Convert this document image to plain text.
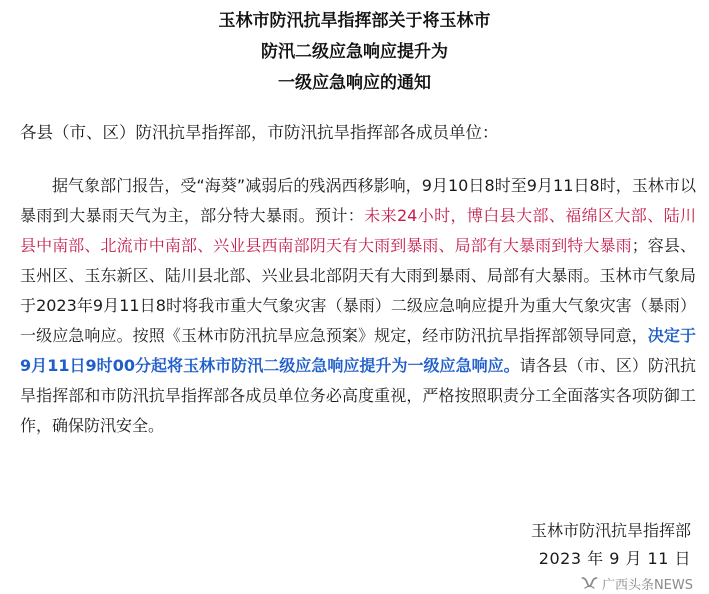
玉林市防汛抗旱指挥部关于将玉林市
防汛二级应急响应提升为
一级应急响应的通知
各县（市、区）防汛抗旱指挥部，市防汛抗旱指挥部各成员单位：

据气象部门报告，受“海葵”减弱后的残涡西移影响，9月10日8时至9月11日8时，玉林市以暴雨到大暴雨天气为主，部分特大暴雨。预计：未来24小时，博白县大部、福绵区大部、陆川县中南部、北流市中南部、兴业县西南部阴天有大雨到暴雨、局部有大暴雨到特大暴雨；容县、玉州区、玉东新区、陆川县北部、兴业县北部阴天有大雨到暴雨、局部有大暴雨。玉林市气象局于2023年9月11日8时将我市重大气象灾害（暴雨）二级应急响应提升为重大气象灾害（暴雨）一级应急响应。按照《玉林市防汛抗旱应急预案》规定，经市防汛抗旱指挥部领导同意，决定于9月11日9时00分起将玉林市防汛二级应急响应提升为一级应急响应。请各县（市、区）防汛抗旱指挥部和市防汛抗旱指挥部各成员单位务必高度重视，严格按照职责分工全面落实各项防御工作，确保防汛安全。

玉林市防汛抗旱指挥部
2023 年 9 月 11 日
广西头条NEWS
